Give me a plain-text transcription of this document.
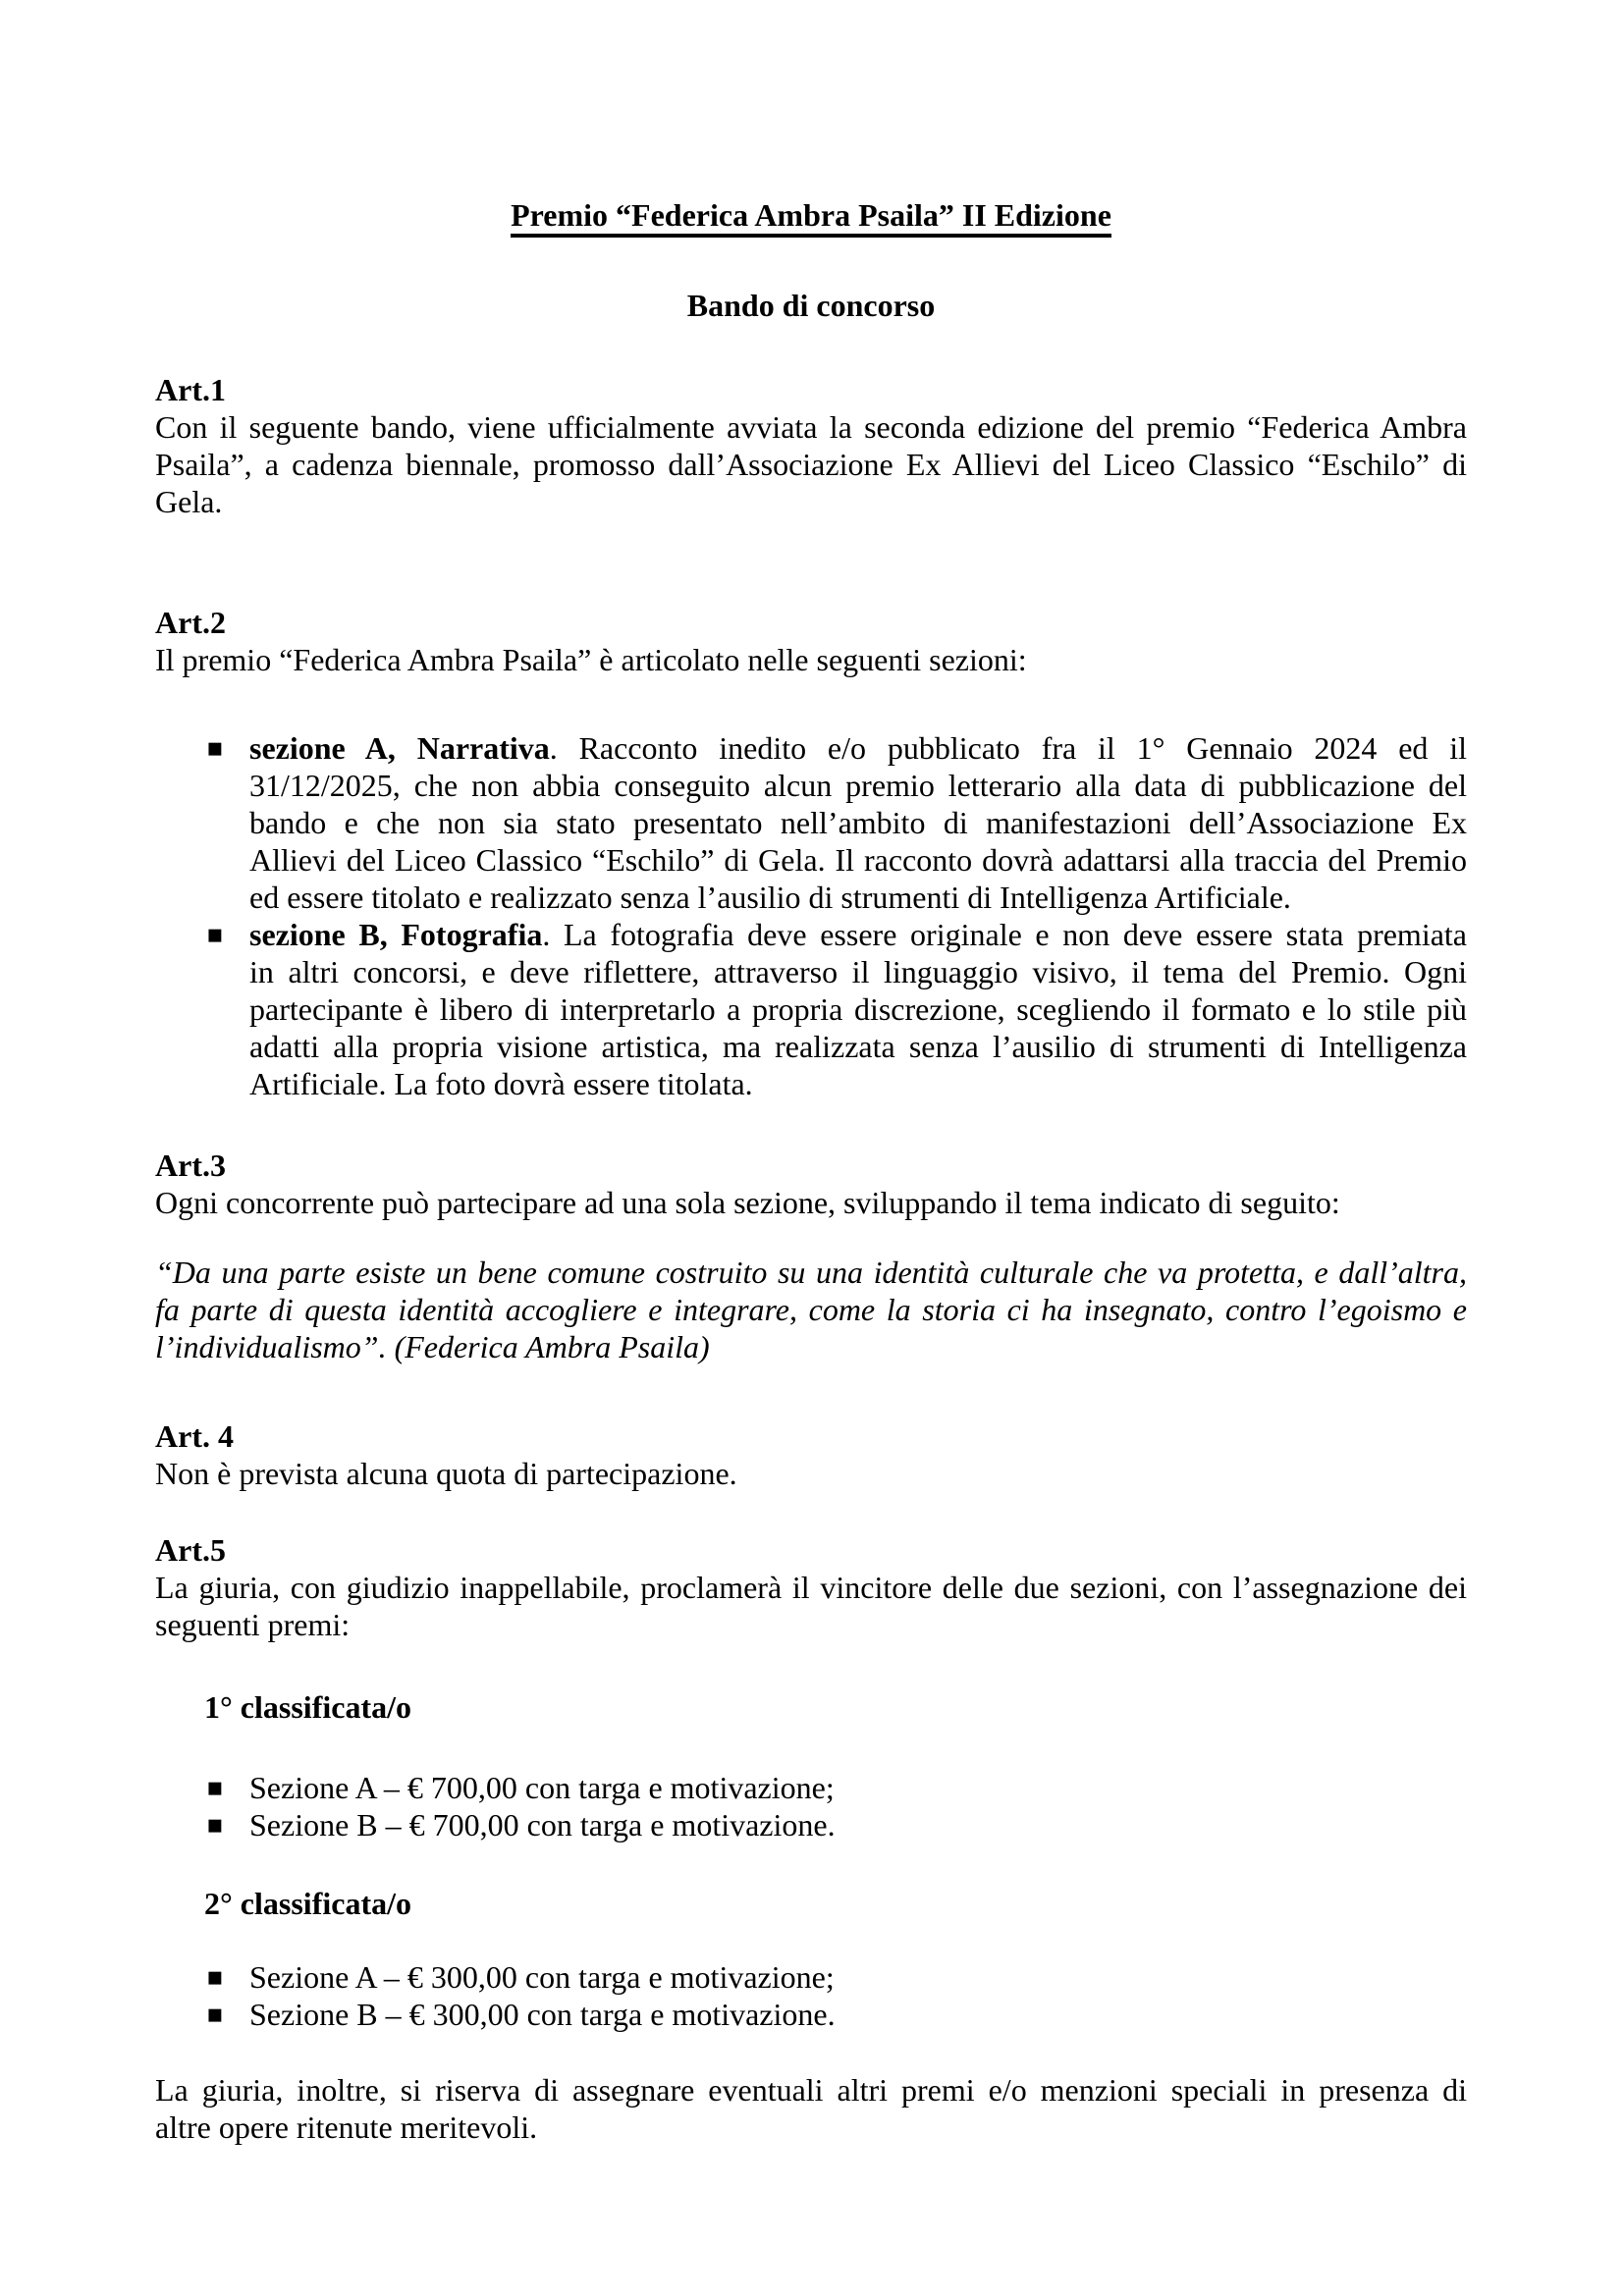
Premio “Federica Ambra Psaila” II Edizione
Bando di concorso
Art.1
Con il seguente bando, viene ufficialmente avviata la seconda edizione del premio “Federica Ambra
Psaila”, a cadenza biennale, promosso dall’Associazione Ex Allievi del Liceo Classico “Eschilo” di
Gela.
Art.2
Il premio “Federica Ambra Psaila” è articolato nelle seguenti sezioni:
▪ sezione A, Narrativa. Racconto inedito e/o pubblicato fra il 1° Gennaio 2024 ed il
31/12/2025, che non abbia conseguito alcun premio letterario alla data di pubblicazione del
bando e che non sia stato presentato nell’ambito di manifestazioni dell’Associazione Ex
Allievi del Liceo Classico “Eschilo” di Gela. Il racconto dovrà adattarsi alla traccia del Premio
ed essere titolato e realizzato senza l’ausilio di strumenti di Intelligenza Artificiale.
▪ sezione B, Fotografia. La fotografia deve essere originale e non deve essere stata premiata
in altri concorsi, e deve riflettere, attraverso il linguaggio visivo, il tema del Premio. Ogni
partecipante è libero di interpretarlo a propria discrezione, scegliendo il formato e lo stile più
adatti alla propria visione artistica, ma realizzata senza l’ausilio di strumenti di Intelligenza
Artificiale. La foto dovrà essere titolata.
Art.3
Ogni concorrente può partecipare ad una sola sezione, sviluppando il tema indicato di seguito:
“Da una parte esiste un bene comune costruito su una identità culturale che va protetta, e dall’altra,
fa parte di questa identità accogliere e integrare, come la storia ci ha insegnato, contro l’egoismo e
l’individualismo”. (Federica Ambra Psaila)
Art. 4
Non è prevista alcuna quota di partecipazione.
Art.5
La giuria, con giudizio inappellabile, proclamerà il vincitore delle due sezioni, con l’assegnazione dei
seguenti premi:
1° classificata/o
▪ Sezione A – € 700,00 con targa e motivazione;
▪ Sezione B – € 700,00 con targa e motivazione.
2° classificata/o
▪ Sezione A – € 300,00 con targa e motivazione;
▪ Sezione B – € 300,00 con targa e motivazione.
La giuria, inoltre, si riserva di assegnare eventuali altri premi e/o menzioni speciali in presenza di
altre opere ritenute meritevoli.
